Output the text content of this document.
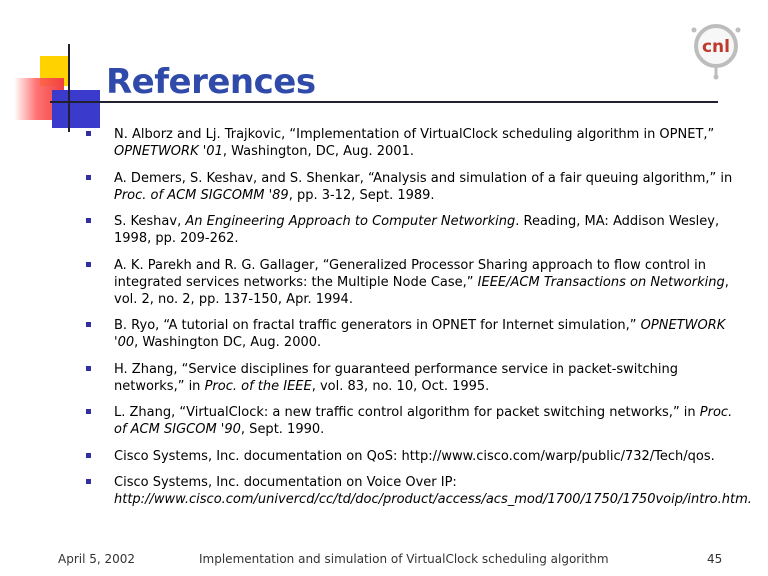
References
cnl
N. Alborz and Lj. Trajkovic, “Implementation of VirtualClock scheduling algorithm in OPNET,” OPNETWORK '01, Washington, DC, Aug. 2001.
A. Demers, S. Keshav, and S. Shenkar, “Analysis and simulation of a fair queuing algorithm,” in Proc. of ACM SIGCOMM '89, pp. 3-12, Sept. 1989.
S. Keshav, An Engineering Approach to Computer Networking. Reading, MA: Addison Wesley, 1998, pp. 209-262.
A. K. Parekh and R. G. Gallager, “Generalized Processor Sharing approach to flow control in integrated services networks: the Multiple Node Case,” IEEE/ACM Transactions on Networking, vol. 2, no. 2, pp. 137-150, Apr. 1994.
B. Ryo, “A tutorial on fractal traffic generators in OPNET for Internet simulation,” OPNETWORK '00, Washington DC, Aug. 2000.
H. Zhang, “Service disciplines for guaranteed performance service in packet-switching networks,” in Proc. of the IEEE, vol. 83, no. 10, Oct. 1995.
L. Zhang, “VirtualClock: a new traffic control algorithm for packet switching networks,” in Proc. of ACM SIGCOM '90, Sept. 1990.
Cisco Systems, Inc. documentation on QoS: http://www.cisco.com/warp/public/732/Tech/qos.
Cisco Systems, Inc. documentation on Voice Over IP: http://www.cisco.com/univercd/cc/td/doc/product/access/acs_mod/1700/1750/1750voip/intro.htm.
April 5, 2002	Implementation and simulation of VirtualClock scheduling algorithm	45
